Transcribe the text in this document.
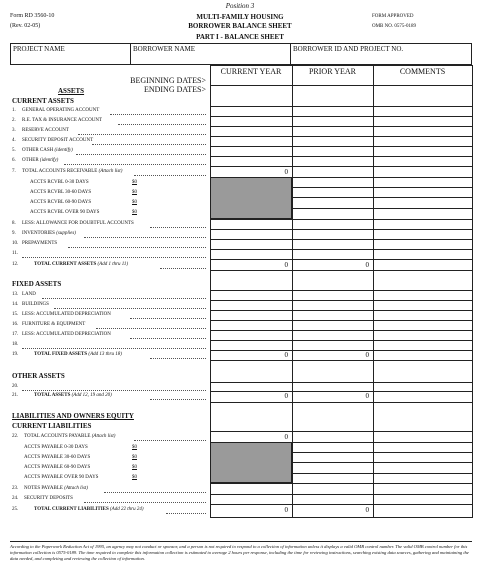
Position 3
Form RD 3560-10
(Rev. 02-05)
MULTI-FAMILY HOUSING
BORROWER BALANCE SHEET
PART I - BALANCE SHEET
FORM APPROVED
OMB NO. 0575-0189
PROJECT NAME	BORROWER NAME	BORROWER ID AND PROJECT NO.
CURRENT YEAR	PRIOR YEAR	COMMENTS
BEGINNING DATES>
ENDING DATES>
ASSETS
CURRENT ASSETS
FIXED ASSETS
OTHER ASSETS
LIABILITIES AND OWNERS EQUITY
CURRENT LIABILITIES
1. GENERAL OPERATING ACCOUNT
2. R.E. TAX & INSURANCE ACCOUNT
3. RESERVE ACCOUNT
4. SECURITY DEPOSIT ACCOUNT
5. OTHER CASH (identify)
6. OTHER (identify)
7. TOTAL ACCOUNTS RECEIVABLE (Attach list)	0
ACCTS RCVBL 0-30 DAYS	$0
ACCTS RCVBL 30-60 DAYS	$0
ACCTS RCVBL 60-90 DAYS	$0
ACCTS RCVBL OVER 90 DAYS	$0
8. LESS: ALLOWANCE FOR DOUBTFUL ACCOUNTS
9. INVENTORIES (supplies)
10. PREPAYMENTS
11.
12.	TOTAL CURRENT ASSETS (Add 1 thru 11)	0	0
13. LAND
14. BUILDINGS
15. LESS: ACCUMULATED DEPRECIATION
16. FURNITURE & EQUIPMENT
17. LESS: ACCUMULATED DEPRECIATION
18.
19.	TOTAL FIXED ASSETS (Add 13 thru 18)	0	0
20.
21.	TOTAL ASSETS (Add 12, 19 and 20)	0	0
22. TOTAL ACCOUNTS PAYABLE (Attach list)	0
ACCTS PAYABLE 0-30 DAYS	$0
ACCTS PAYABLE 30-60 DAYS	$0
ACCTS PAYABLE 60-90 DAYS	$0
ACCTS PAYABLE OVER 90 DAYS	$0
23. NOTES PAYABLE (Attach list)
24. SECURITY DEPOSITS
25.	TOTAL CURRENT LIABILITIES (Add 22 thru 24)	0	0
According to the Paperwork Reduction Act of 1995, an agency may not conduct or sponsor, and a person is not required to respond to a collection of information unless it displays a valid OMB control number. The valid OMB control number for this information collection is 0575-0189. The time required to complete this information collection is estimated to average 2 hours per response, including the time for reviewing instructions, searching existing data sources, gathering and maintaining the data needed, and completing and reviewing the collection of information.
